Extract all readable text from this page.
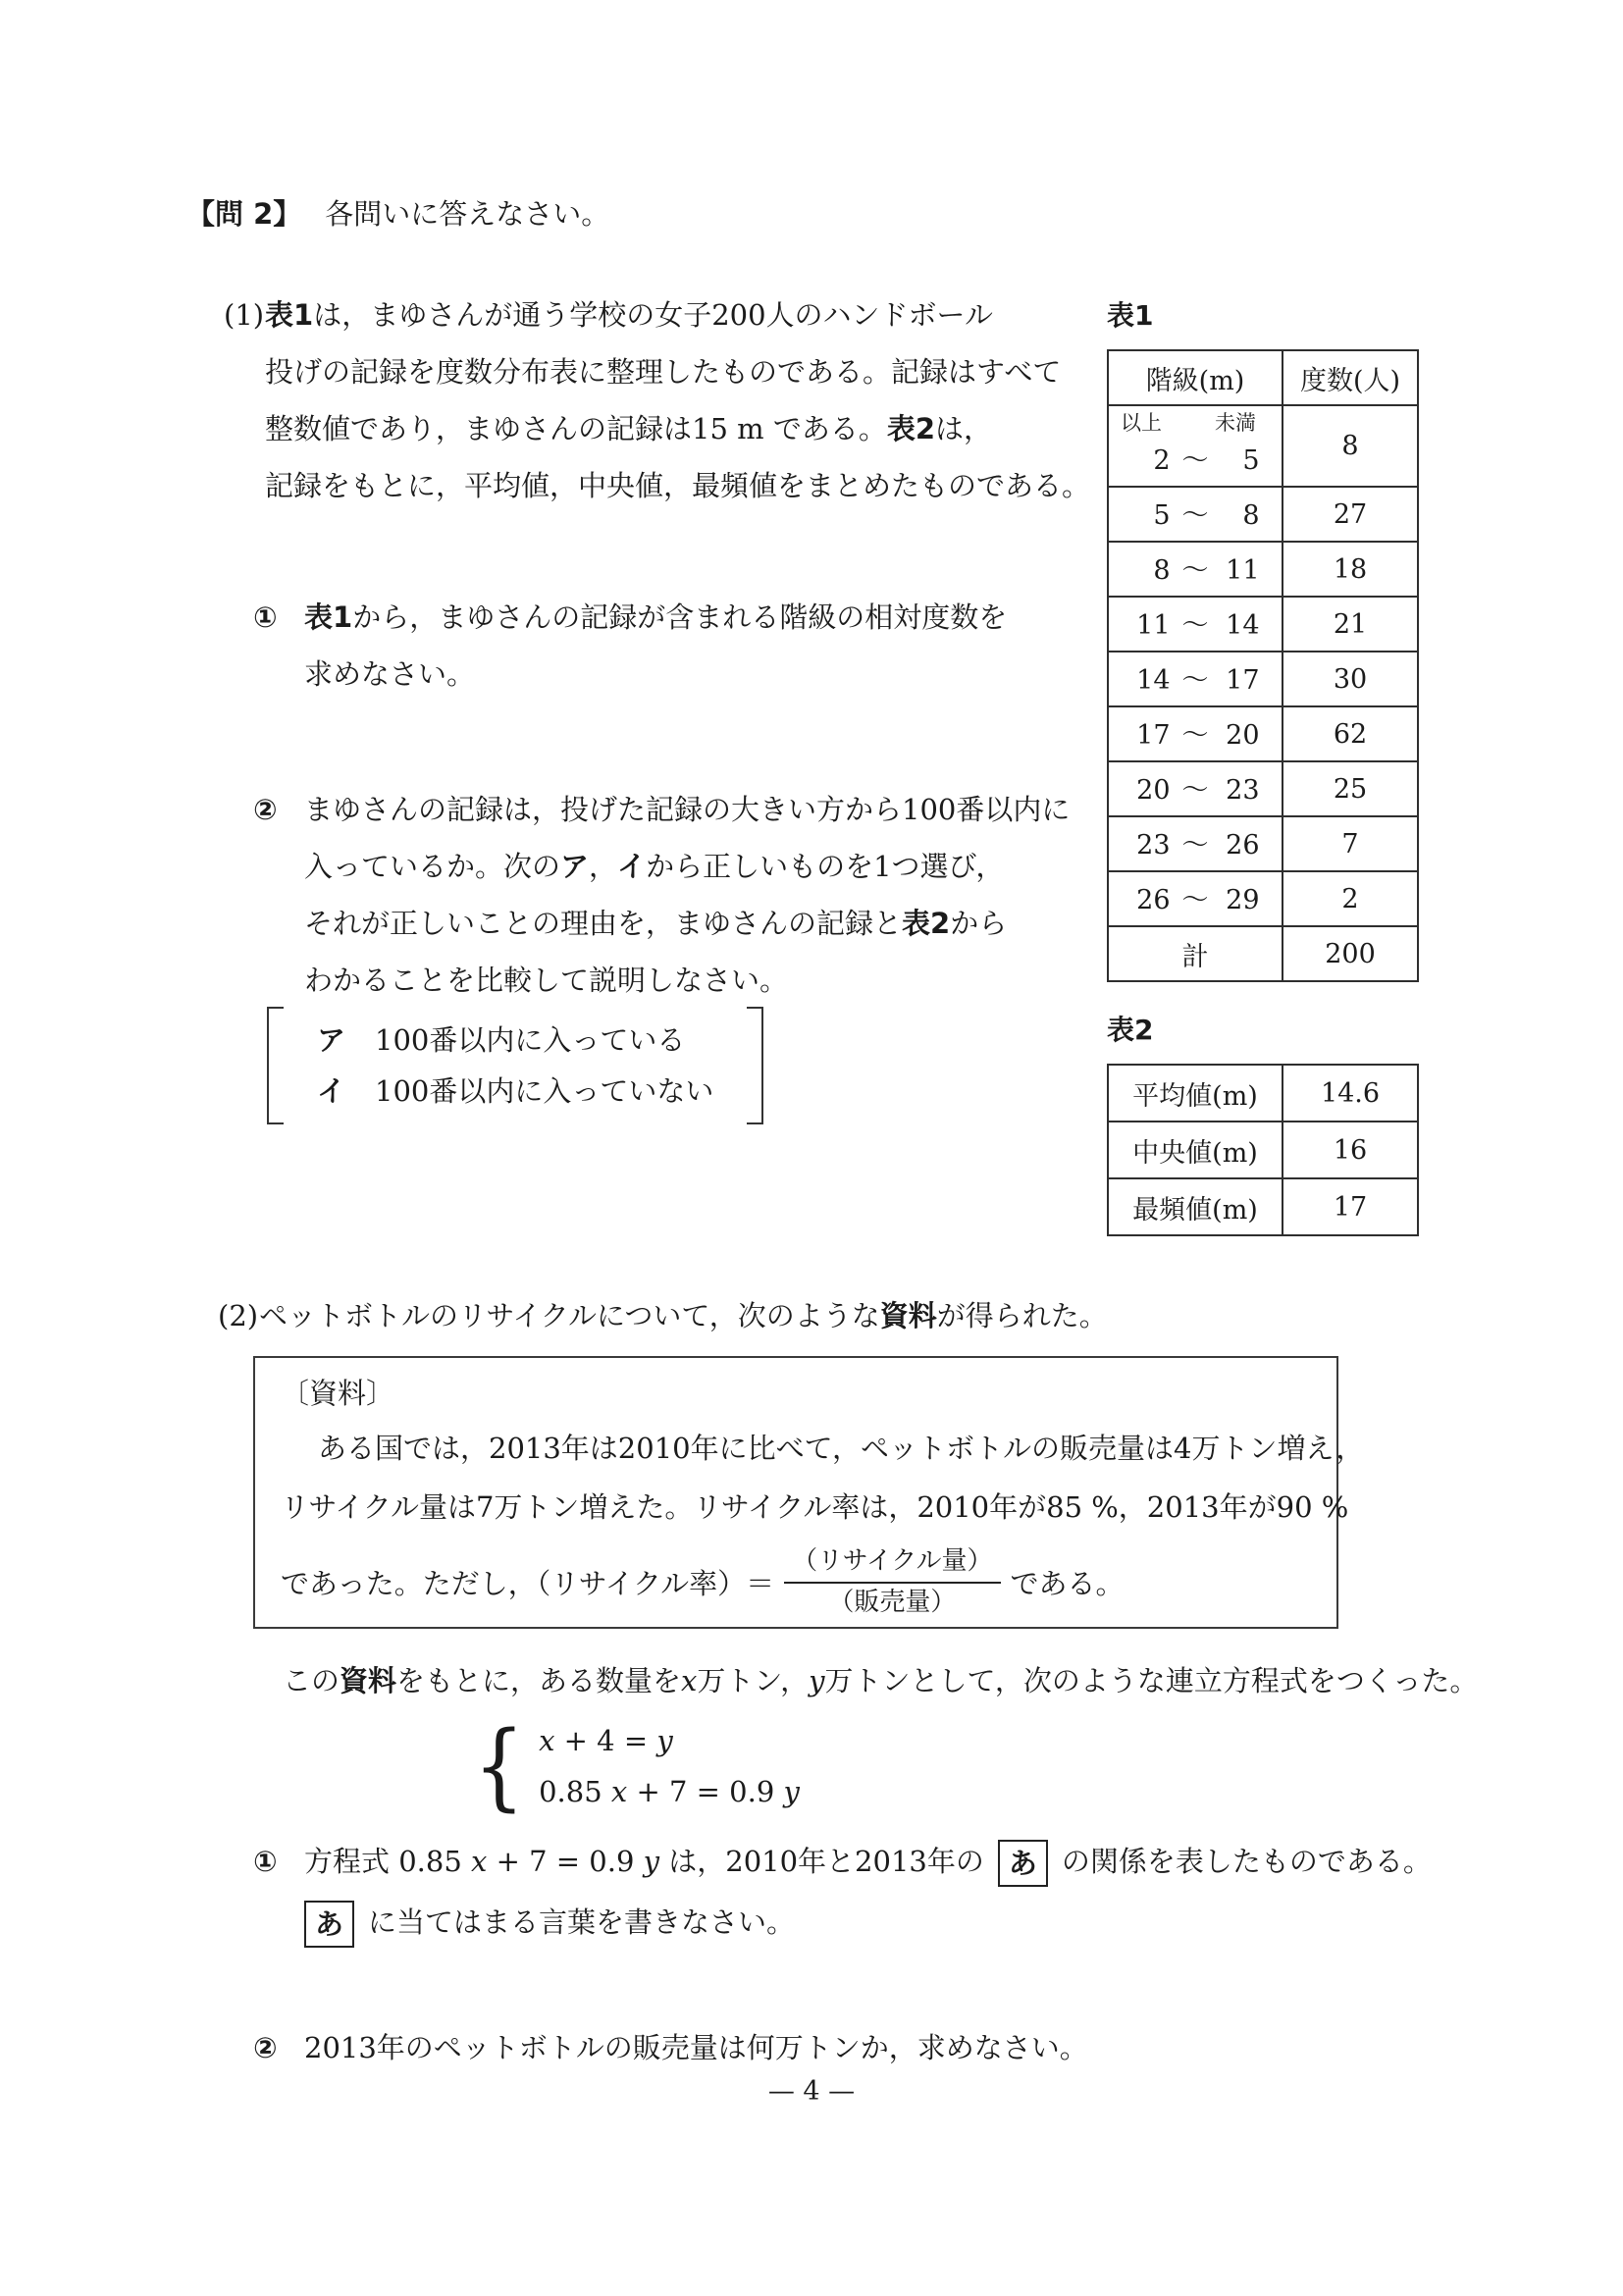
【問 2】 各問いに答えなさい。
(1)表1は，まゆさんが通う学校の女子200人のハンドボール
投げの記録を度数分布表に整理したものである。記録はすべて
整数値であり，まゆさんの記録は15 m である。表2は，
記録をもとに，平均値，中央値，最頻値をまとめたものである。
① 表1から，まゆさんの記録が含まれる階級の相対度数を
求めなさい。
② まゆさんの記録は，投げた記録の大きい方から100番以内に
入っているか。次のア，イから正しいものを1つ選び，
それが正しいことの理由を，まゆさんの記録と表2から
わかることを比較して説明しなさい。
ア 100番以内に入っている
イ 100番以内に入っていない
表1
階級(m)	度数(人)

以上 未満
2 〜 5	8

5 〜 8	27

8 〜 11	18

11 〜 14	21

14 〜 17	30

17 〜 20	62

20 〜 23	25

23 〜 26	7

26 〜 29	2
計	200
表2
平均値(m)	14.6
中央値(m)	16
最頻値(m)	17
(2)ペットボトルのリサイクルについて，次のような資料が得られた。
〔資料〕
ある国では，2013年は2010年に比べて，ペットボトルの販売量は4万トン増え，
リサイクル量は7万トン増えた。リサイクル率は，2010年が85 %，2013年が90 %
であった。ただし，（リサイクル率）＝ $\frac{\text{（リサイクル量）}}{\text{（販売量）}}$ である。
この資料をもとに，ある数量をx万トン，y万トンとして，次のような連立方程式をつくった。
{ x + 4 = y
0.85 x + 7 = 0.9 y
① 方程式 0.85 x + 7 = 0.9 y は，2010年と2013年の あ の関係を表したものである。
あ に当てはまる言葉を書きなさい。
② 2013年のペットボトルの販売量は何万トンか，求めなさい。
— 4 —
